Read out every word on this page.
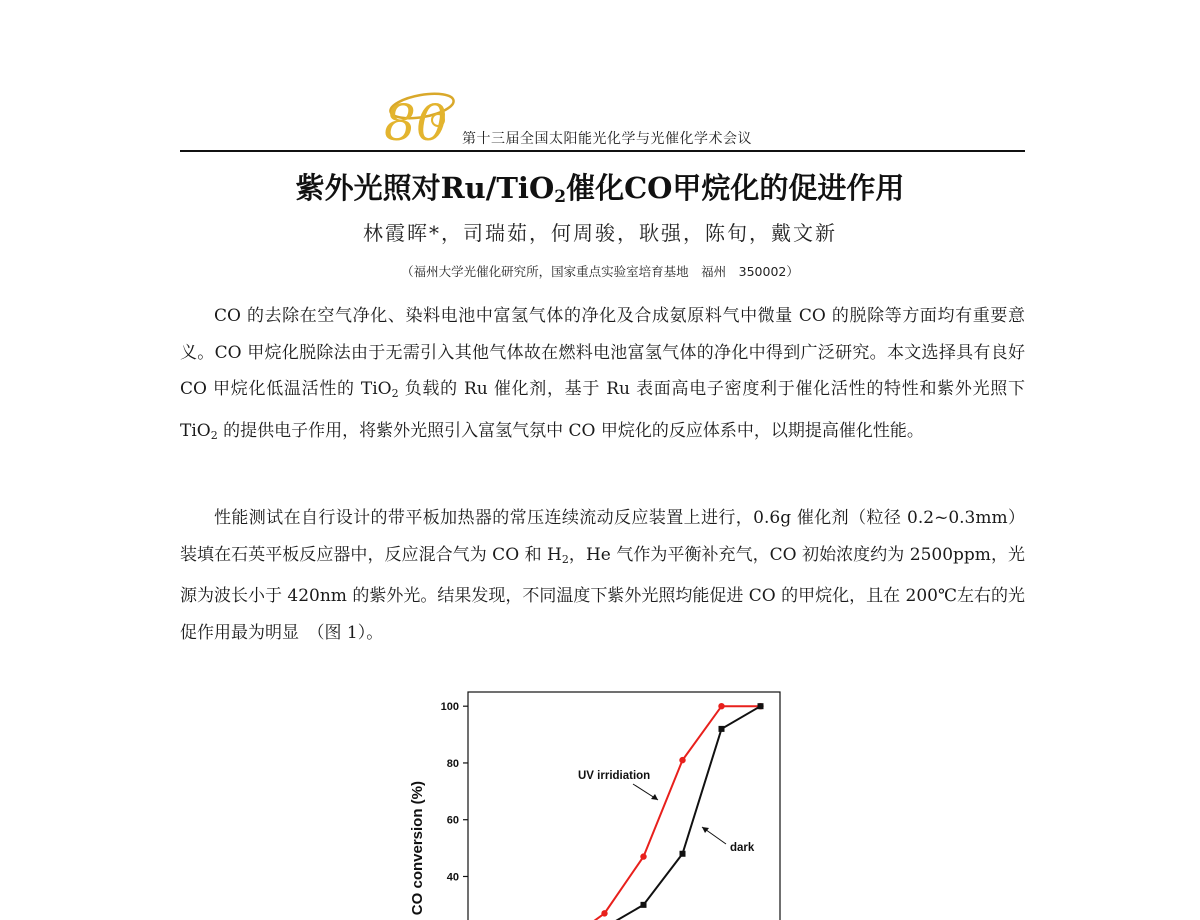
80 第十三届全国太阳能光化学与光催化学术会议
紫外光照对Ru/TiO$_2$催化CO甲烷化的促进作用
林霞晖*，司瑞茹，何周骏，耿强，陈旬，戴文新
（福州大学光催化研究所，国家重点实验室培育基地　福州　350002）

CO 的去除在空气净化、染料电池中富氢气体的净化及合成氨原料气中微量 CO 的脱除等方面均有重要意义。CO 甲烷化脱除法由于无需引入其他气体故在燃料电池富氢气体的净化中得到广泛研究。本文选择具有良好 CO 甲烷化低温活性的 TiO$_2$ 负载的 Ru 催化剂，基于 Ru 表面高电子密度利于催化活性的特性和紫外光照下 TiO$_2$ 的提供电子作用，将紫外光照引入富氢气氛中 CO 甲烷化的反应体系中，以期提高催化性能。

性能测试在自行设计的带平板加热器的常压连续流动反应装置上进行，0.6g 催化剂（粒径 0.2~0.3mm）装填在石英平板反应器中，反应混合气为 CO 和 $H_2$，He 气作为平衡补充气，CO 初始浓度约为 2500ppm，光源为波长小于 420nm 的紫外光。结果发现，不同温度下紫外光照均能促进 CO 的甲烷化，且在 200℃左右的光促作用最为明显　（图 1）。

40
60
80
100
CO conversion (%)
UV irridiation
dark
